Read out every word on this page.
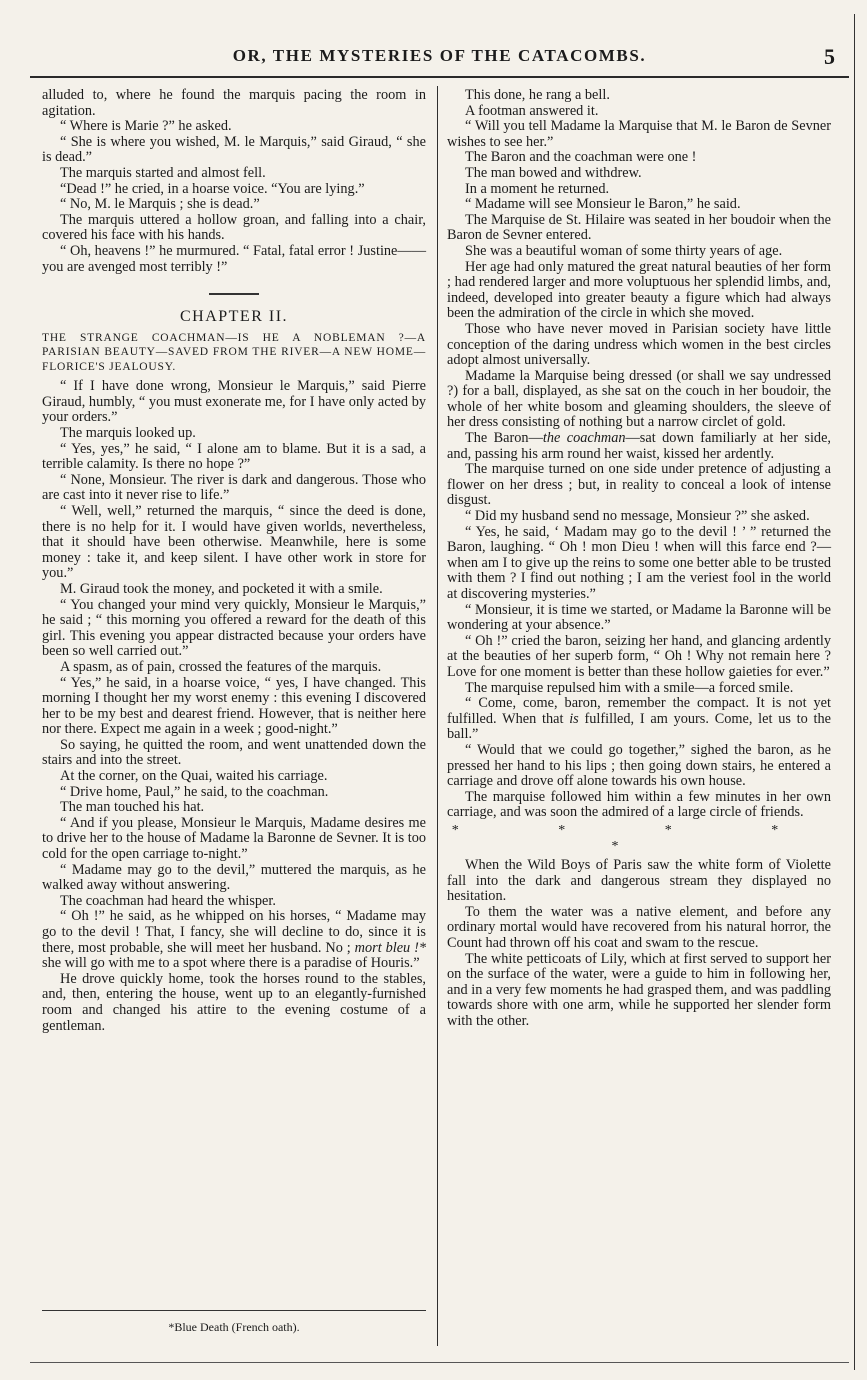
OR, THE MYSTERIES OF THE CATACOMBS.	5

alluded to, where he found the marquis pacing the room in agitation.

“ Where is Marie ?” he asked.

“ She is where you wished, M. le Marquis,” said Giraud, “ she is dead.”

The marquis started and almost fell.

“Dead !” he cried, in a hoarse voice. “You are lying.”

“ No, M. le Marquis ; she is dead.”

The marquis uttered a hollow groan, and falling into a chair, covered his face with his hands.

“ Oh, heavens !” he murmured. “ Fatal, fatal error ! Justine——you are avenged most terribly !”

CHAPTER II.
THE STRANGE COACHMAN—IS HE A NOBLEMAN ?—A PARISIAN BEAUTY—SAVED FROM THE RIVER—A NEW HOME—FLORICE'S JEALOUSY.

“ If I have done wrong, Monsieur le Marquis,” said Pierre Giraud, humbly, “ you must exonerate me, for I have only acted by your orders.”

The marquis looked up.

“ Yes, yes,” he said, “ I alone am to blame. But it is a sad, a terrible calamity. Is there no hope ?”

“ None, Monsieur. The river is dark and dangerous. Those who are cast into it never rise to life.”

“ Well, well,” returned the marquis, “ since the deed is done, there is no help for it. I would have given worlds, nevertheless, that it should have been otherwise. Meanwhile, here is some money : take it, and keep silent. I have other work in store for you.”

M. Giraud took the money, and pocketed it with a smile.

“ You changed your mind very quickly, Monsieur le Marquis,” he said ; “ this morning you offered a reward for the death of this girl. This evening you appear distracted because your orders have been so well carried out.”

A spasm, as of pain, crossed the features of the marquis.

“ Yes,” he said, in a hoarse voice, “ yes, I have changed. This morning I thought her my worst enemy : this evening I discovered her to be my best and dearest friend. However, that is neither here nor there. Expect me again in a week ; good-night.”

So saying, he quitted the room, and went unattended down the stairs and into the street.

At the corner, on the Quai, waited his carriage.

“ Drive home, Paul,” he said, to the coachman.

The man touched his hat.

“ And if you please, Monsieur le Marquis, Madame desires me to drive her to the house of Madame la Baronne de Sevner. It is too cold for the open carriage to-night.”

“ Madame may go to the devil,” muttered the marquis, as he walked away without answering.

The coachman had heard the whisper.

“ Oh !” he said, as he whipped on his horses, “ Madame may go to the devil ! That, I fancy, she will decline to do, since it is there, most probable, she will meet her husband. No ; mort bleu !* she will go with me to a spot where there is a paradise of Houris.”

He drove quickly home, took the horses round to the stables, and, then, entering the house, went up to an elegantly-furnished room and changed his attire to the evening costume of a gentleman.

*Blue Death (French oath).

This done, he rang a bell.

A footman answered it.

“ Will you tell Madame la Marquise that M. le Baron de Sevner wishes to see her.”

The Baron and the coachman were one !

The man bowed and withdrew.

In a moment he returned.

“ Madame will see Monsieur le Baron,” he said.

The Marquise de St. Hilaire was seated in her boudoir when the Baron de Sevner entered.

She was a beautiful woman of some thirty years of age.

Her age had only matured the great natural beauties of her form ; had rendered larger and more voluptuous her splendid limbs, and, indeed, developed into greater beauty a figure which had always been the admiration of the circle in which she moved.

Those who have never moved in Parisian society have little conception of the daring undress which women in the best circles adopt almost universally.

Madame la Marquise being dressed (or shall we say undressed ?) for a ball, displayed, as she sat on the couch in her boudoir, the whole of her white bosom and gleaming shoulders, the sleeve of her dress consisting of nothing but a narrow circlet of gold.

The Baron—the coachman—sat down familiarly at her side, and, passing his arm round her waist, kissed her ardently.

The marquise turned on one side under pretence of adjusting a flower on her dress ; but, in reality to conceal a look of intense disgust.

“ Did my husband send no message, Monsieur ?” she asked.

“ Yes, he said, ‘ Madam may go to the devil ! ’ ” returned the Baron, laughing. “ Oh ! mon Dieu ! when will this farce end ?—when am I to give up the reins to some one better able to be trusted with them ? I find out nothing ; I am the veriest fool in the world at discovering mysteries.”

“ Monsieur, it is time we started, or Madame la Baronne will be wondering at your absence.”

“ Oh !” cried the baron, seizing her hand, and glancing ardently at the beauties of her superb form, “ Oh ! Why not remain here ? Love for one moment is better than these hollow gaieties for ever.”

The marquise repulsed him with a smile—a forced smile.

“ Come, come, baron, remember the compact. It is not yet fulfilled. When that is fulfilled, I am yours. Come, let us to the ball.”

“ Would that we could go together,” sighed the baron, as he pressed her hand to his lips ; then going down stairs, he entered a carriage and drove off alone towards his own house.

The marquise followed him within a few minutes in her own carriage, and was soon the admired of a large circle of friends.

* * * * *

When the Wild Boys of Paris saw the white form of Violette fall into the dark and dangerous stream they displayed no hesitation.

To them the water was a native element, and before any ordinary mortal would have recovered from his natural horror, the Count had thrown off his coat and swam to the rescue.

The white petticoats of Lily, which at first served to support her on the surface of the water, were a guide to him in following her, and in a very few moments he had grasped them, and was paddling towards shore with one arm, while he supported her slender form with the other.
